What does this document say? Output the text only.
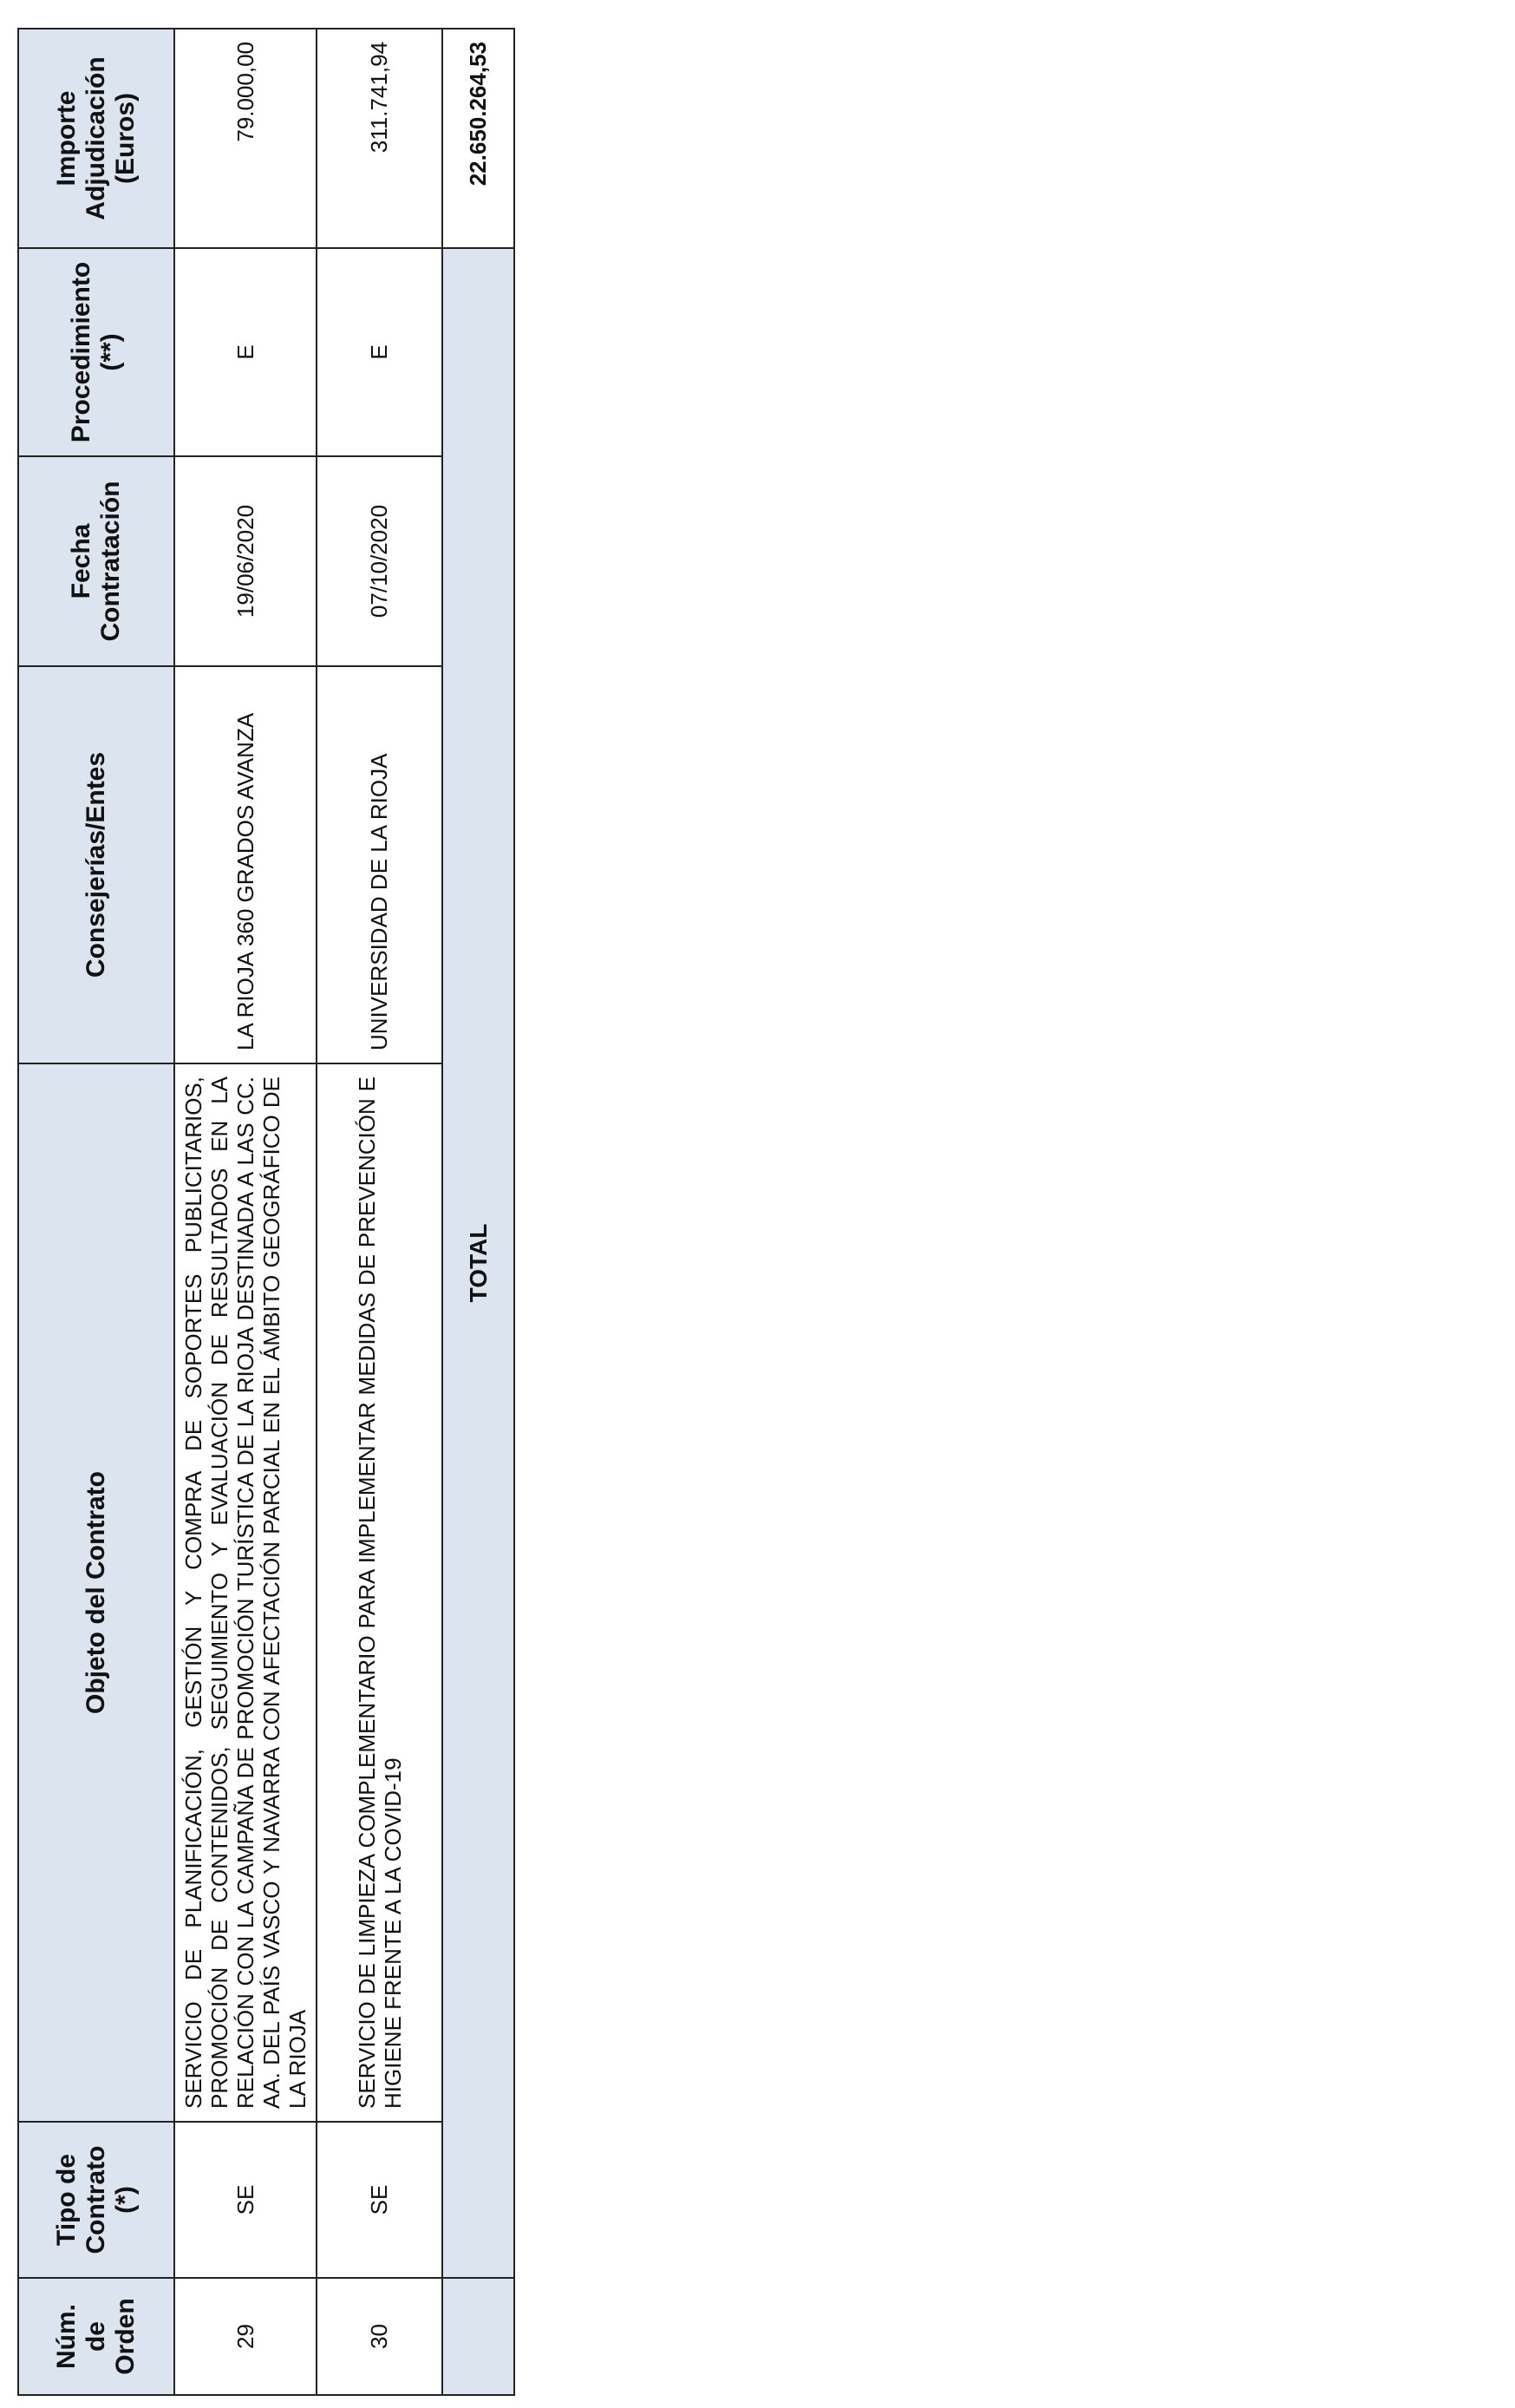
Núm. de Orden	Tipo de Contrato (*)	Objeto del Contrato	Consejerías/Entes	Fecha Contratación	Procedimiento (**)	Importe Adjudicación (Euros)
29	SE	SERVICIO DE PLANIFICACIÓN, GESTIÓN Y COMPRA DE SOPORTES PUBLICITARIOS, PROMOCIÓN DE CONTENIDOS, SEGUIMIENTO Y EVALUACIÓN DE RESULTADOS EN LA RELACIÓN CON LA CAMPAÑA DE PROMOCIÓN TURÍSTICA DE LA RIOJA DESTINADA A LAS CC. AA. DEL PAÍS VASCO Y NAVARRA CON AFECTACIÓN PARCIAL EN EL ÁMBITO GEOGRÁFICO DE LA RIOJA	LA RIOJA 360 GRADOS AVANZA	19/06/2020	E	79.000,00
30	SE	SERVICIO DE LIMPIEZA COMPLEMENTARIO PARA IMPLEMENTAR MEDIDAS DE PREVENCIÓN E HIGIENE FRENTE A LA COVID-19	UNIVERSIDAD DE LA RIOJA	07/10/2020	E	311.741,94
	TOTAL					22.650.264,53
